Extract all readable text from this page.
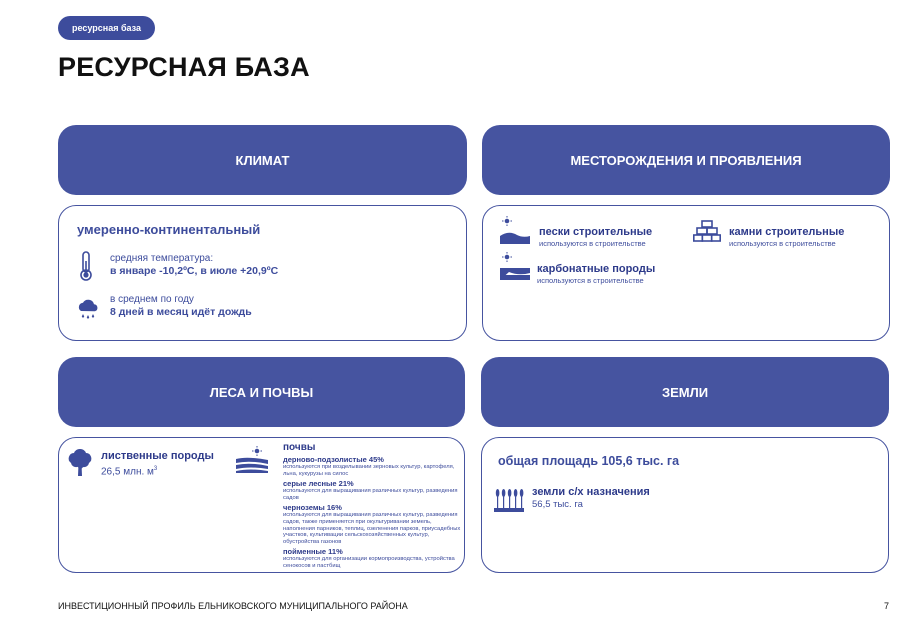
ресурсная база
РЕСУРСНАЯ БАЗА
КЛИМАТ
умеренно-континентальный
средняя температура:
в январе -10,2ºС, в июле +20,9ºС
в среднем по году
8 дней в месяц идёт дождь
МЕСТОРОЖДЕНИЯ И ПРОЯВЛЕНИЯ
пески строительные
используются в строительстве
камни строительные
используются в строительстве
карбонатные породы
используются в строительстве
ЛЕСА И ПОЧВЫ
лиственные породы
26,5 млн. $м^3$
почвы
дерново-подзолистые 45%
используются при возделывании зерновых культур, картофеля, льна, кукурузы на силос
серые лесные 21%
используются для выращивания различных культур, разведения садов
черноземы 16%
используются для выращивания различных культур, разведения садов, также применяется при окультуривании земель, наполнения парников, теплиц, озеленения парков, приусадебных участков, культивации сельскохозяйственных культур, обустройства газонов
пойменные 11%
используются для организации кормопроизводства, устройства сенокосов и пастбищ
ЗЕМЛИ
общая площадь 105,6 тыс. га
земли с/х назначения
56,5 тыс. га
ИНВЕСТИЦИОННЫЙ ПРОФИЛЬ ЕЛЬНИКОВСКОГО МУНИЦИПАЛЬНОГО РАЙОНА	7
